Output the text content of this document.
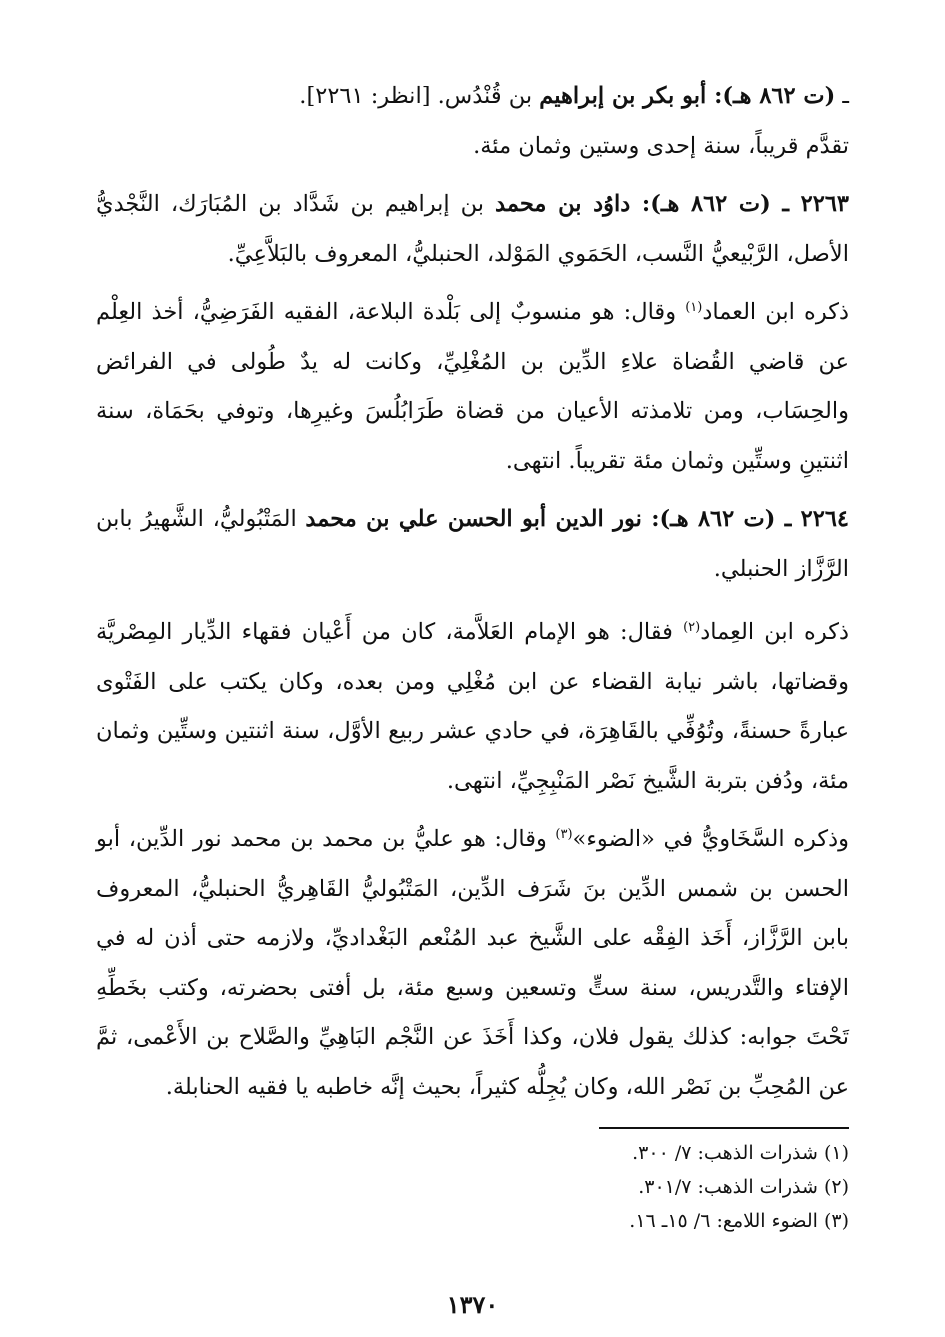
ـ (ت ٨٦٢ هـ): أبو بكر بن إبراهيم بن قُنْدُس. [انظر: ٢٢٦١].

تقدَّم قريباً، سنة إحدى وستين وثمان مئة.

٢٢٦٣ ـ (ت ٨٦٢ هـ): داوُد بن محمد بن إبراهيم بن شَدَّاد بن المُبَارَك، النَّجْديُّ الأصل، الرَّبْيعيُّ النَّسب، الحَمَوي المَوْلد، الحنبليُّ، المعروف بالبَلاَّعِيِّ.

ذكره ابن العماد$^{(١)}$ وقال: هو منسوبٌ إلى بَلْدة البلاعة، الفقيه الفَرَضِيُّ، أخذ العِلْم عن قاضي القُضاة علاءِ الدِّين بن المُغْلِيِّ، وكانت له يدٌ طُولى في الفرائض والحِسَاب، ومن تلامذته الأعيان من قضاة طَرَابُلُسَ وغيرِها، وتوفي بحَمَاة، سنة اثنتينِ وستِّين وثمان مئة تقريباً. انتهى.

٢٢٦٤ ـ (ت ٨٦٢ هـ): نور الدين أبو الحسن علي بن محمد المَتْبُوليُّ، الشَّهيرُ بابن الرَّزَّاز الحنبلي.

ذكره ابن العِماد$^{(٢)}$ فقال: هو الإمام العَلاَّمة، كان من أَعْيان فقهاء الدِّيار المِصْريَّة وقضاتها، باشر نيابة القضاء عن ابن مُغْلِي ومن بعده، وكان يكتب على الفَتْوى عبارةً حسنةً، وتُوُفِّي بالقَاهِرَة، في حادي عشر ربيع الأوَّل، سنة اثنتين وستِّين وثمان مئة، ودُفن بتربة الشَّيخ نَصْر المَنْبِجِيِّ، انتهى.

وذكره السَّخَاويُّ في «الضوء»$^{(٣)}$ وقال: هو عليُّ بن محمد بن محمد نور الدِّين، أبو الحسن بن شمس الدِّين بنَ شَرَف الدِّين، المَتْبُوليُّ القَاهِريُّ الحنبليُّ، المعروف بابن الرَّزَّاز، أَخَذ الفِقْه على الشَّيخ عبد المُنْعم البَغْداديِّ، ولازمه حتى أذن له في الإفتاء والتَّدريس، سنة ستٍّ وتسعين وسبع مئة، بل أفتى بحضرته، وكتب بخَطِّهِ تَحْتَ جوابه: كذلك يقول فلان، وكذا أَخَذَ عن النَّجْم البَاهِيِّ والصَّلاح بن الأَعْمى، ثمَّ عن المُحِبِّ بن نَصْر الله، وكان يُجِلُّه كثيراً، بحيث إنَّه خاطبه يا فقيه الحنابلة.

(١) شذرات الذهب: ٧/ ٣٠٠.
(٢) شذرات الذهب: ٣٠١/٧.
(٣) الضوء اللامع: ٦/ ١٥ـ ١٦.
١٣٧٠
